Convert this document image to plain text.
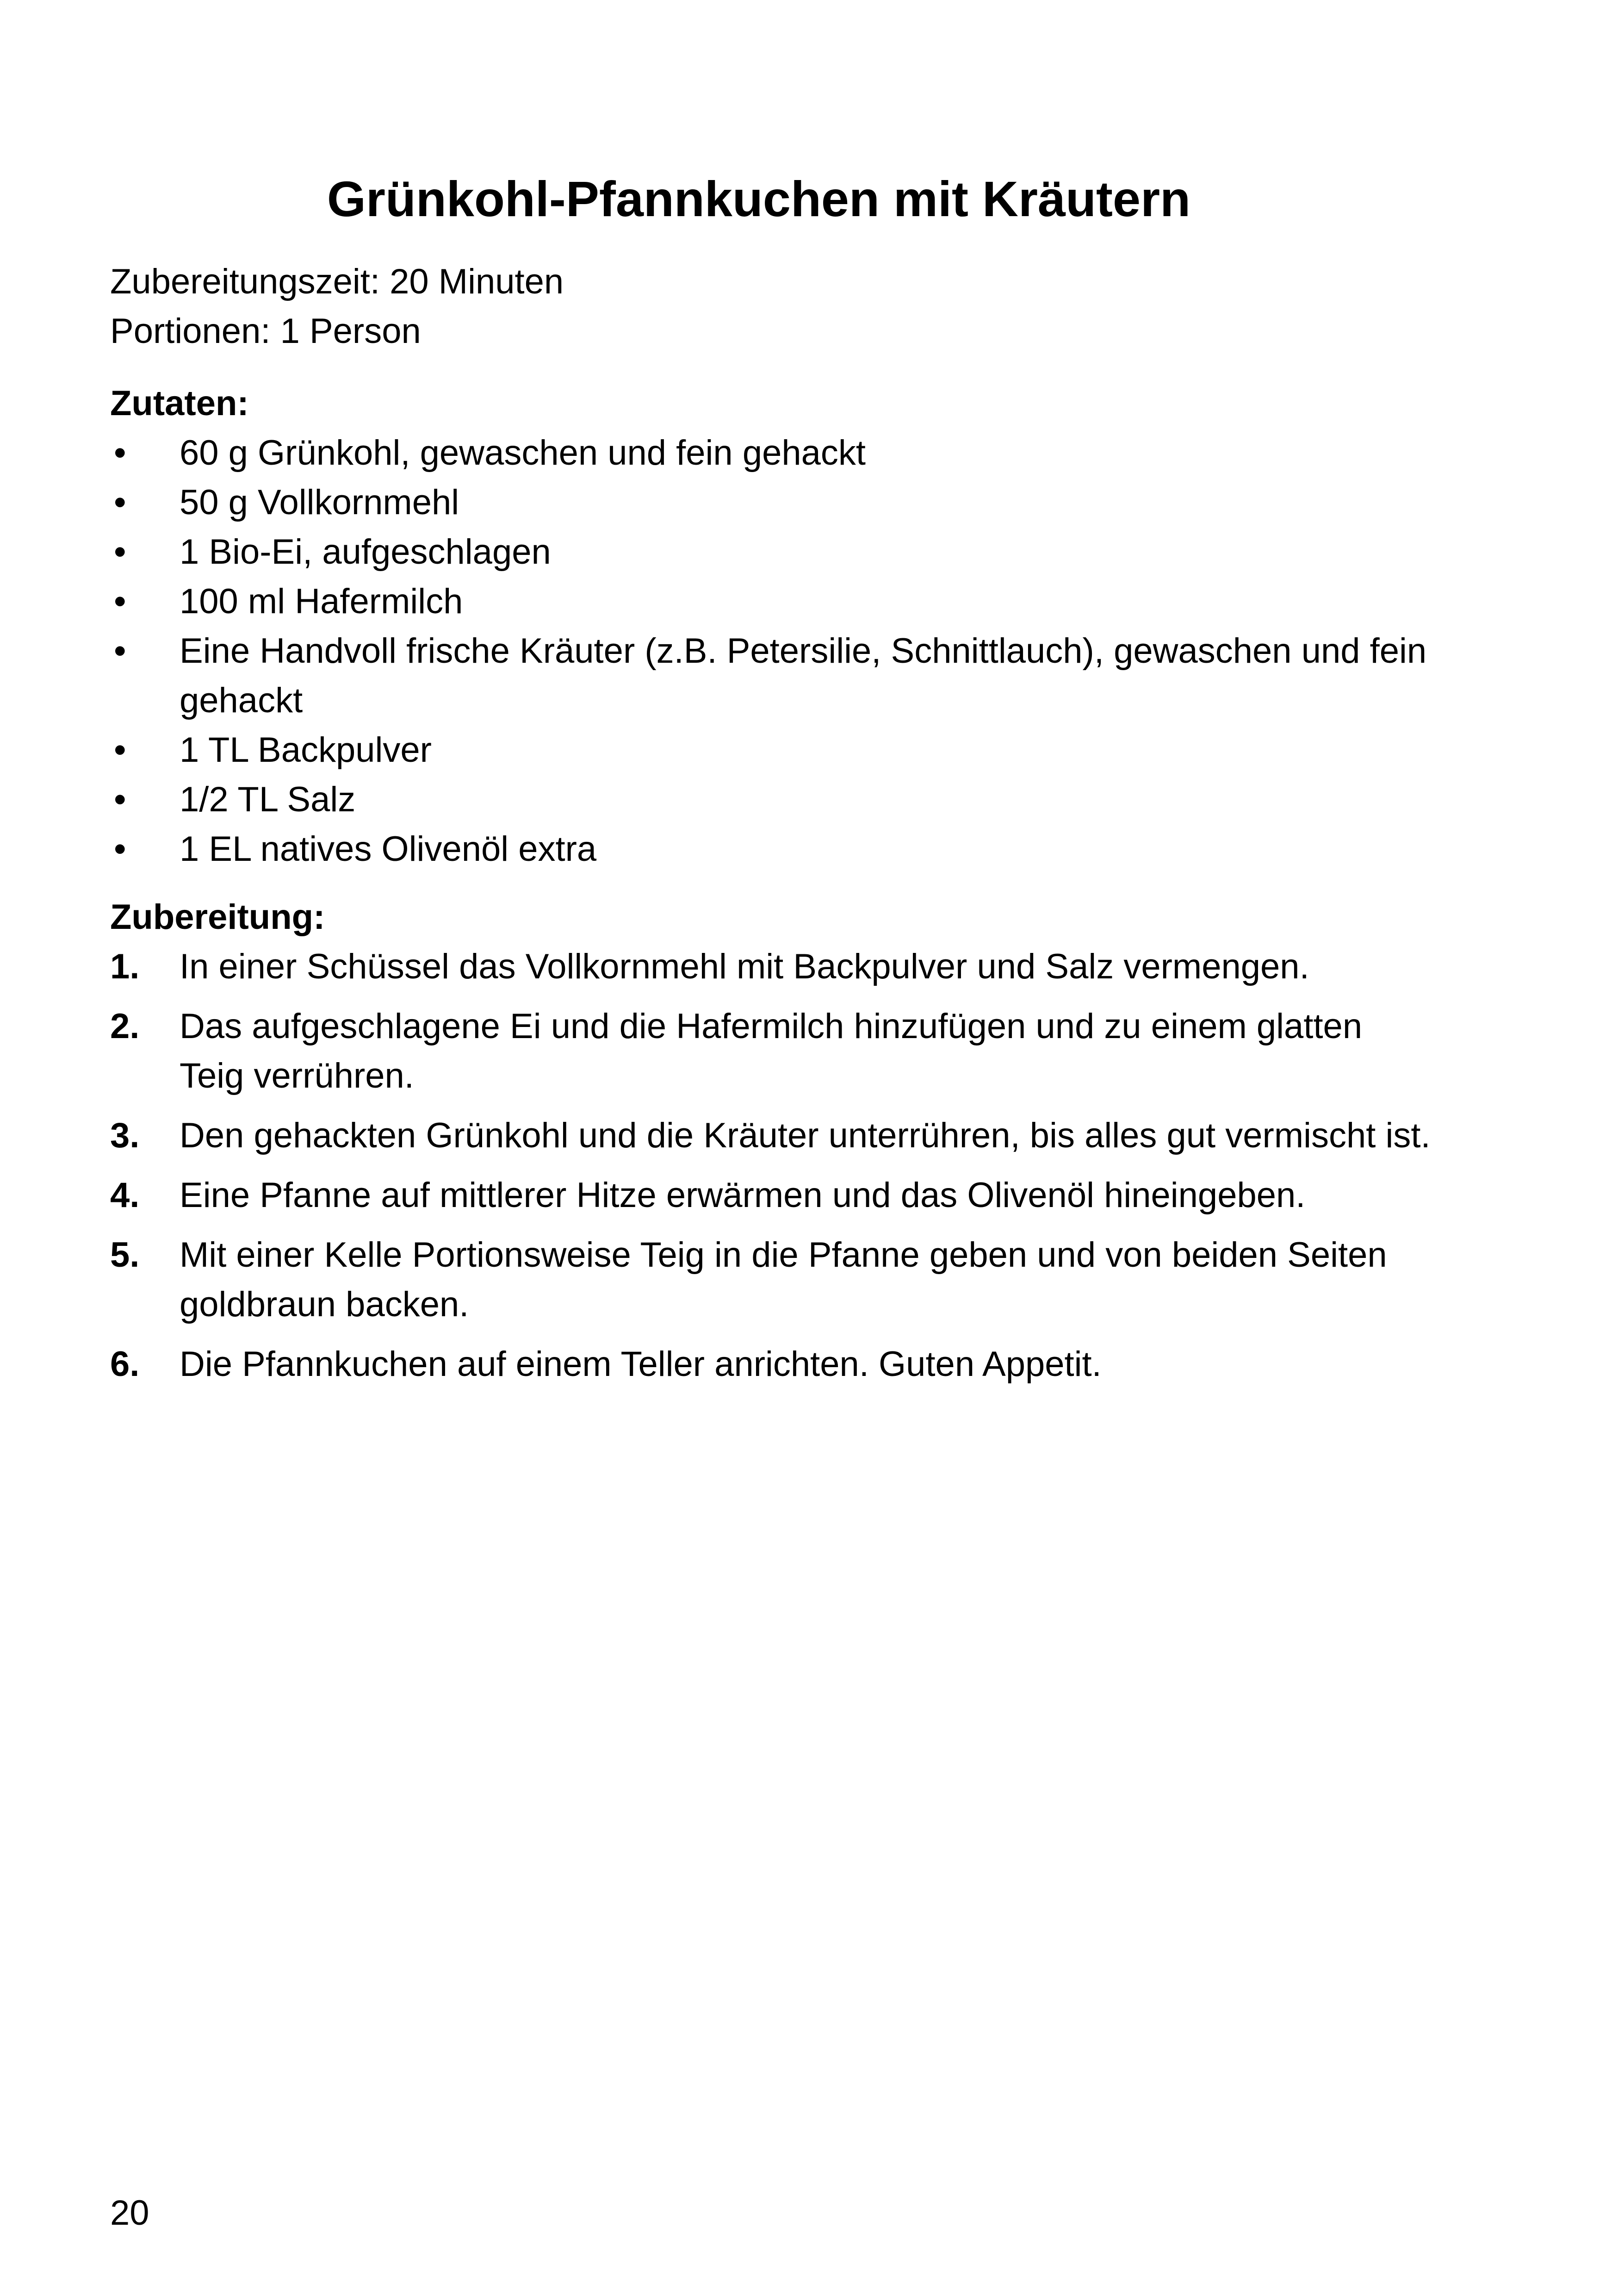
Grünkohl-Pfannkuchen mit Kräutern
Zubereitungszeit: 20 Minuten
Portionen: 1 Person
Zutaten:
• 60 g Grünkohl, gewaschen und fein gehackt
• 50 g Vollkornmehl
• 1 Bio-Ei, aufgeschlagen
• 100 ml Hafermilch
• Eine Handvoll frische Kräuter (z.B. Petersilie, Schnittlauch), gewaschen und fein gehackt
• 1 TL Backpulver
• 1/2 TL Salz
• 1 EL natives Olivenöl extra
Zubereitung:
1. In einer Schüssel das Vollkornmehl mit Backpulver und Salz vermengen.
2. Das aufgeschlagene Ei und die Hafermilch hinzufügen und zu einem glatten Teig verrühren.
3. Den gehackten Grünkohl und die Kräuter unterrühren, bis alles gut vermischt ist.
4. Eine Pfanne auf mittlerer Hitze erwärmen und das Olivenöl hineingeben.
5. Mit einer Kelle Portionsweise Teig in die Pfanne geben und von beiden Seiten goldbraun backen.
6. Die Pfannkuchen auf einem Teller anrichten. Guten Appetit.
20
